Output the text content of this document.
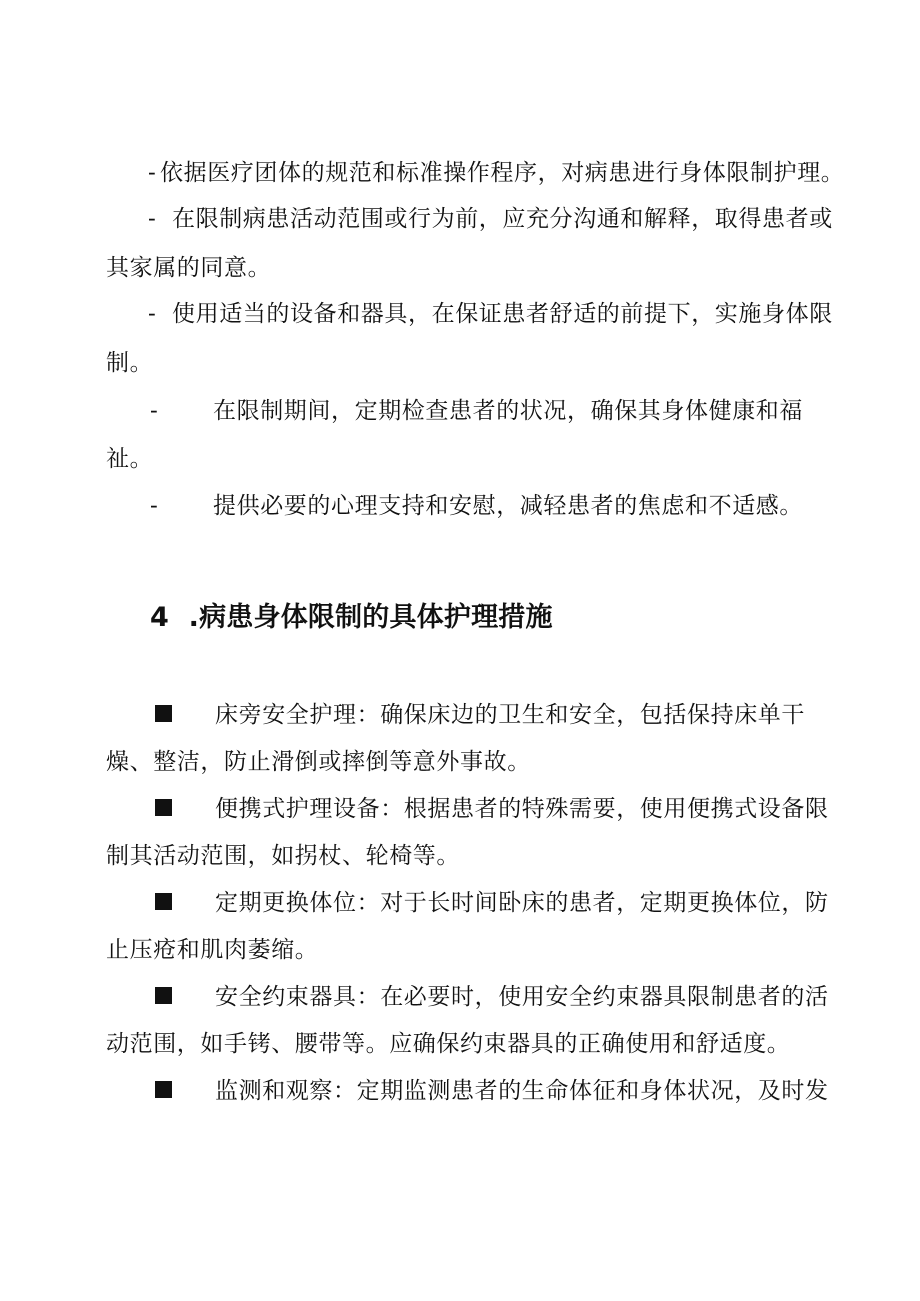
- 依据医疗团体的规范和标准操作程序，对病患进行身体限制护理。
- 在限制病患活动范围或行为前，应充分沟通和解释，取得患者或
其家属的同意。
- 使用适当的设备和器具，在保证患者舒适的前提下，实施身体限
制。
- 在限制期间，定期检查患者的状况，确保其身体健康和福
祉。
- 提供必要的心理支持和安慰，减轻患者的焦虑和不适感。
4 .病患身体限制的具体护理措施
床旁安全护理：确保床边的卫生和安全，包括保持床单干
燥、整洁，防止滑倒或摔倒等意外事故。
便携式护理设备：根据患者的特殊需要，使用便携式设备限
制其活动范围，如拐杖、轮椅等。
定期更换体位：对于长时间卧床的患者，定期更换体位，防
止压疮和肌肉萎缩。
安全约束器具：在必要时，使用安全约束器具限制患者的活
动范围，如手铐、腰带等。应确保约束器具的正确使用和舒适度。
监测和观察：定期监测患者的生命体征和身体状况，及时发
